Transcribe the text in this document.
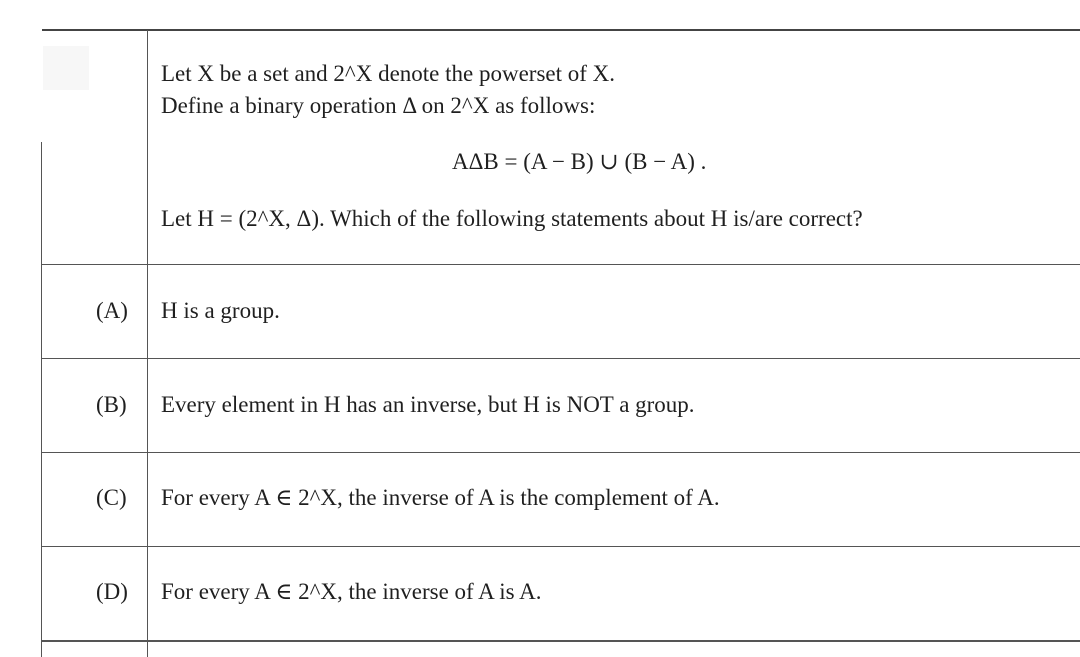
Let X be a set and 2^X denote the powerset of X.
Define a binary operation Δ on 2^X as follows:
AΔB = (A − B) ∪ (B − A) .
Let H = (2^X, Δ). Which of the following statements about H is/are correct?
(A) H is a group.
(B) Every element in H has an inverse, but H is NOT a group.
(C) For every A ∈ 2^X, the inverse of A is the complement of A.
(D) For every A ∈ 2^X, the inverse of A is A.
